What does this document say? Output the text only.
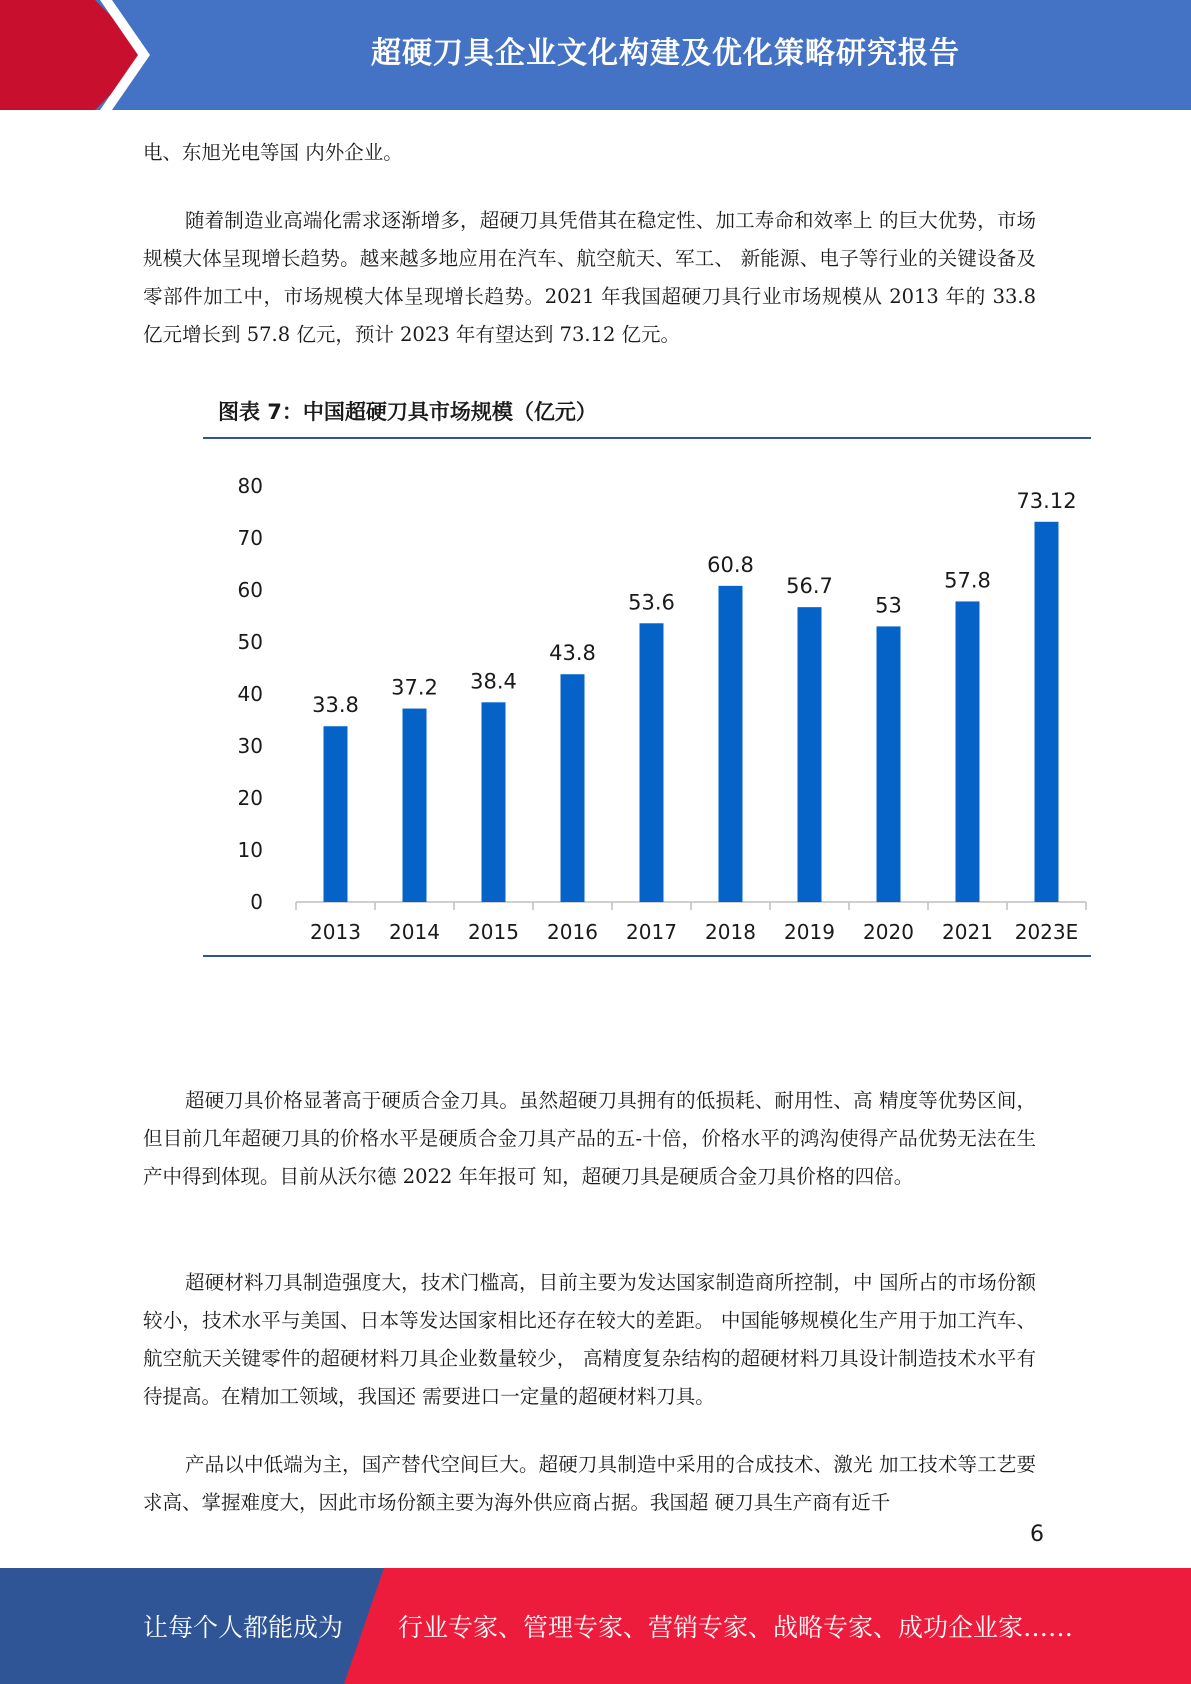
超硬刀具企业文化构建及优化策略研究报告

电、东旭光电等国 内外企业。

随着制造业高端化需求逐渐增多，超硬刀具凭借其在稳定性、加工寿命和效率上 的巨大优势，市场规模大体呈现增长趋势。越来越多地应用在汽车、航空航天、军工、 新能源、电子等行业的关键设备及零部件加工中，市场规模大体呈现增长趋势。2021 年我国超硬刀具行业市场规模从 2013 年的 33.8 亿元增长到 57.8 亿元，预计 2023 年有望达到 73.12 亿元。

图表 7：中国超硬刀具市场规模（亿元）
0
10
20
30
40
50
60
70
80
33.8
2013
37.2
2014
38.4
2015
43.8
2016
53.6
2017
60.8
2018
56.7
2019
53
2020
57.8
2021
73.12
2023E

超硬刀具价格显著高于硬质合金刀具。虽然超硬刀具拥有的低损耗、耐用性、高 精度等优势区间，但目前几年超硬刀具的价格水平是硬质合金刀具产品的五-十倍，价格水平的鸿沟使得产品优势无法在生产中得到体现。目前从沃尔德 2022 年年报可 知，超硬刀具是硬质合金刀具价格的四倍。

超硬材料刀具制造强度大，技术门槛高，目前主要为发达国家制造商所控制，中 国所占的市场份额较小，技术水平与美国、日本等发达国家相比还存在较大的差距。 中国能够规模化生产用于加工汽车、航空航天关键零件的超硬材料刀具企业数量较少， 高精度复杂结构的超硬材料刀具设计制造技术水平有待提高。在精加工领域，我国还 需要进口一定量的超硬材料刀具。

产品以中低端为主，国产替代空间巨大。超硬刀具制造中采用的合成技术、激光 加工技术等工艺要求高、掌握难度大，因此市场份额主要为海外供应商占据。我国超 硬刀具生产商有近千

6
让每个人都能成为 行业专家、管理专家、营销专家、战略专家、成功企业家……
